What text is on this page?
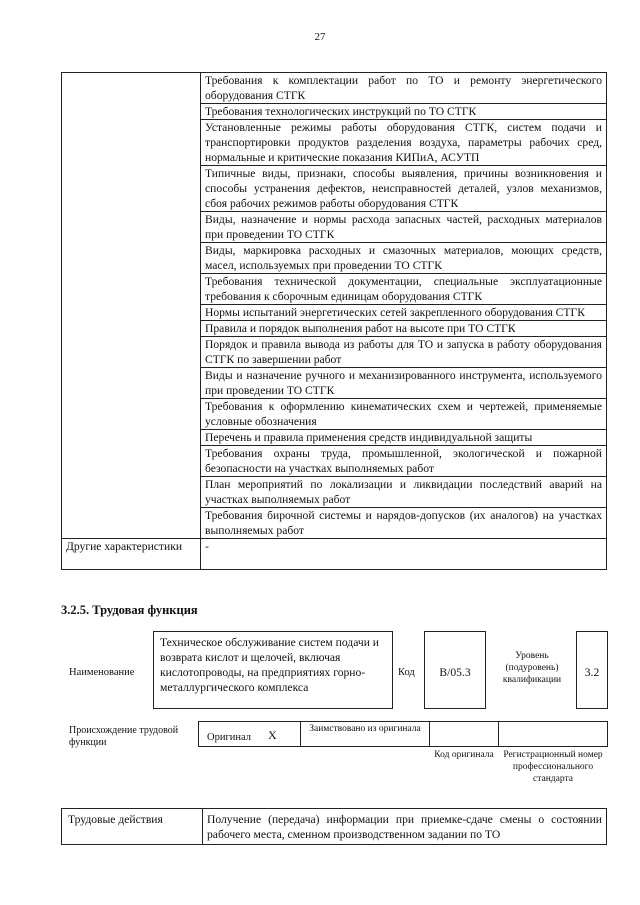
27
	Требования к комплектации работ по ТО и ремонту энергетического оборудования СТГК
	Требования технологических инструкций по ТО СТГК
	Установленные режимы работы оборудования СТГК, систем подачи и транспортировки продуктов разделения воздуха, параметры рабочих сред, нормальные и критические показания КИПиА, АСУТП
	Типичные виды, признаки, способы выявления, причины возникновения и способы устранения дефектов, неисправностей деталей, узлов механизмов, сбоя рабочих режимов работы оборудования СТГК
	Виды, назначение и нормы расхода запасных частей, расходных материалов при проведении ТО СТГК
	Виды, маркировка расходных и смазочных материалов, моющих средств, масел, используемых при проведении ТО СТГК
	Требования технической документации, специальные эксплуатационные требования к сборочным единицам оборудования СТГК
	Нормы испытаний энергетических сетей закрепленного оборудования СТГК
	Правила и порядок выполнения работ на высоте при ТО СТГК
	Порядок и правила вывода из работы для ТО и запуска в работу оборудования СТГК по завершении работ
	Виды и назначение ручного и механизированного инструмента, используемого при проведении ТО СТГК
	Требования к оформлению кинематических схем и чертежей, применяемые условные обозначения
	Перечень и правила применения средств индивидуальной защиты
	Требования охраны труда, промышленной, экологической и пожарной безопасности на участках выполняемых работ
	План мероприятий по локализации и ликвидации последствий аварий на участках выполняемых работ
	Требования бирочной системы и нарядов-допусков (их аналогов) на участках выполняемых работ
Другие характеристики	-
3.2.5. Трудовая функция
Наименование
Техническое обслуживание систем подачи и возврата кислот и щелочей, включая кислотопроводы, на предприятиях горно-металлургического комплекса
Код	B/05.3
Уровень (подуровень) квалификации
3.2
Происхождение трудовой функции	Оригинал X	Заимствовано из оригинала
Код оригинала	Регистрационный номер профессионального стандарта
Трудовые действия	Получение (передача) информации при приемке-сдаче смены о состоянии рабочего места, сменном производственном задании по ТО
